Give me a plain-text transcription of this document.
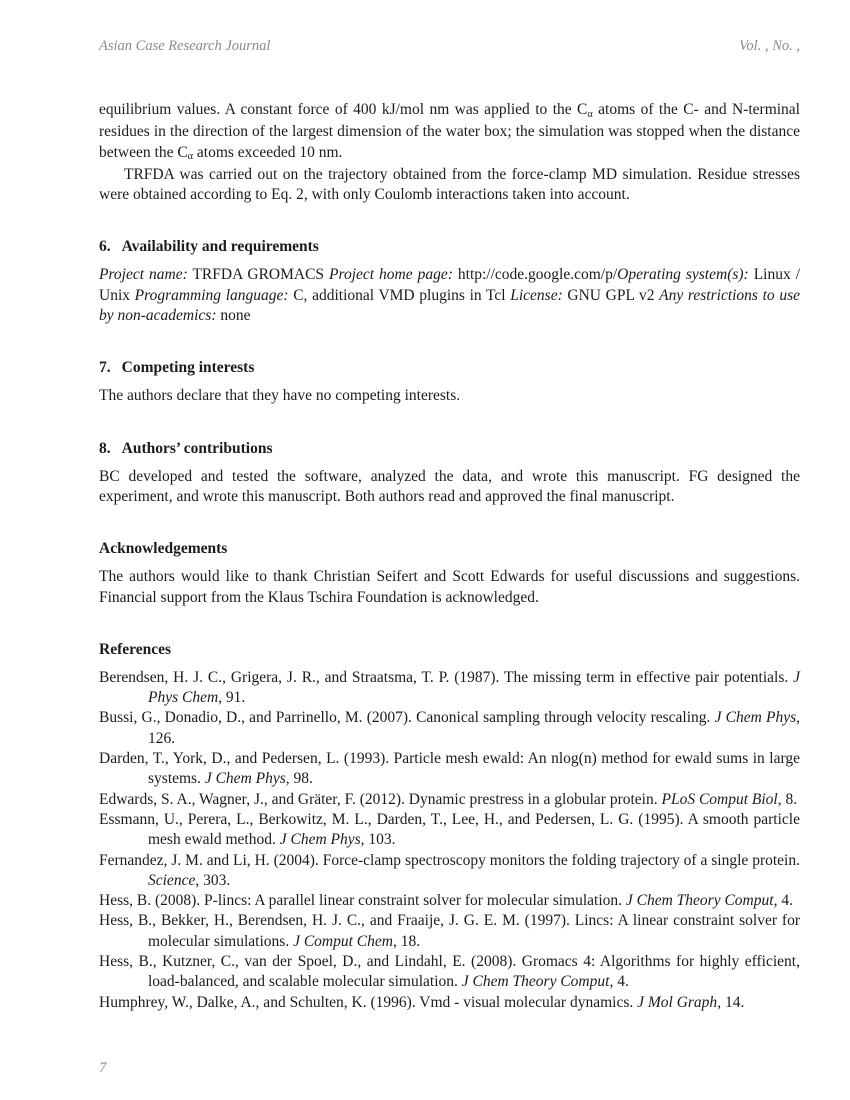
Asian Case Research Journal	Vol. , No. ,

equilibrium values. A constant force of 400 kJ/mol nm was applied to the Cα atoms of the C- and N-terminal residues in the direction of the largest dimension of the water box; the simulation was stopped when the distance between the Cα atoms exceeded 10 nm.

TRFDA was carried out on the trajectory obtained from the force-clamp MD simulation. Residue stresses were obtained according to Eq. 2, with only Coulomb interactions taken into account.

6. Availability and requirements

Project name: TRFDA GROMACS Project home page: http://code.google.com/p/Operating system(s): Linux / Unix Programming language: C, additional VMD plugins in Tcl License: GNU GPL v2 Any restrictions to use by non-academics: none

7. Competing interests

The authors declare that they have no competing interests.

8. Authors’ contributions

BC developed and tested the software, analyzed the data, and wrote this manuscript. FG designed the experiment, and wrote this manuscript. Both authors read and approved the final manuscript.

Acknowledgements

The authors would like to thank Christian Seifert and Scott Edwards for useful discussions and suggestions. Financial support from the Klaus Tschira Foundation is acknowledged.

References

Berendsen, H. J. C., Grigera, J. R., and Straatsma, T. P. (1987). The missing term in effective pair potentials. J Phys Chem, 91.

Bussi, G., Donadio, D., and Parrinello, M. (2007). Canonical sampling through velocity rescaling. J Chem Phys, 126.

Darden, T., York, D., and Pedersen, L. (1993). Particle mesh ewald: An nlog(n) method for ewald sums in large systems. J Chem Phys, 98.

Edwards, S. A., Wagner, J., and Gräter, F. (2012). Dynamic prestress in a globular protein. PLoS Comput Biol, 8.

Essmann, U., Perera, L., Berkowitz, M. L., Darden, T., Lee, H., and Pedersen, L. G. (1995). A smooth particle mesh ewald method. J Chem Phys, 103.

Fernandez, J. M. and Li, H. (2004). Force-clamp spectroscopy monitors the folding trajectory of a single protein. Science, 303.

Hess, B. (2008). P-lincs: A parallel linear constraint solver for molecular simulation. J Chem Theory Comput, 4.

Hess, B., Bekker, H., Berendsen, H. J. C., and Fraaije, J. G. E. M. (1997). Lincs: A linear constraint solver for molecular simulations. J Comput Chem, 18.

Hess, B., Kutzner, C., van der Spoel, D., and Lindahl, E. (2008). Gromacs 4: Algorithms for highly efficient, load-balanced, and scalable molecular simulation. J Chem Theory Comput, 4.

Humphrey, W., Dalke, A., and Schulten, K. (1996). Vmd - visual molecular dynamics. J Mol Graph, 14.

7
